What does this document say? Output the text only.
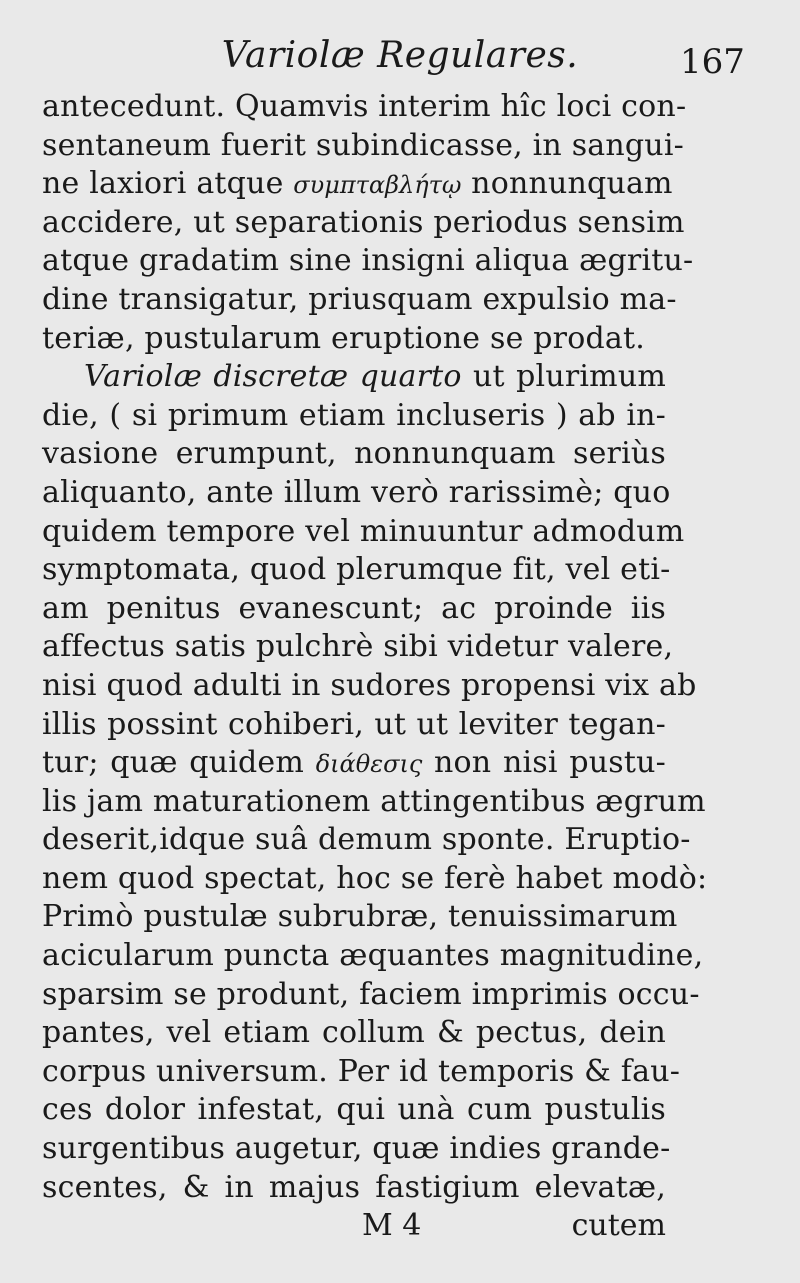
Variolæ Regulares.	167
antecedunt. Quamvis interim hîc loci con-
sentaneum fuerit subindicasse, in sangui-
ne laxiori atque συμπταβλήτῳ nonnunquam
accidere, ut separationis periodus sensim
atque gradatim sine insigni aliqua ægritu-
dine transigatur, priusquam expulsio ma-
teriæ, pustularum eruptione se prodat.
Variolæ discretæ quarto ut plurimum
die, ( si primum etiam incluseris ) ab in-
vasione erumpunt, nonnunquam seriùs
aliquanto, ante illum verò rarissimè; quo
quidem tempore vel minuuntur admodum
symptomata, quod plerumque fit, vel eti-
am penitus evanescunt; ac proinde iis
affectus satis pulchrè sibi videtur valere,
nisi quod adulti in sudores propensi vix ab
illis possint cohiberi, ut ut leviter tegan-
tur; quæ quidem διάθεσις non nisi pustu-
lis jam maturationem attingentibus ægrum
deserit,idque suâ demum sponte. Eruptio-
nem quod spectat, hoc se ferè habet modò:
Primò pustulæ subrubræ, tenuissimarum
acicularum puncta æquantes magnitudine,
sparsim se produnt, faciem imprimis occu-
pantes, vel etiam collum & pectus, dein
corpus universum. Per id temporis & fau-
ces dolor infestat, qui unà cum pustulis
surgentibus augetur, quæ indies grande-
scentes, & in majus fastigium elevatæ,
M 4	cutem
